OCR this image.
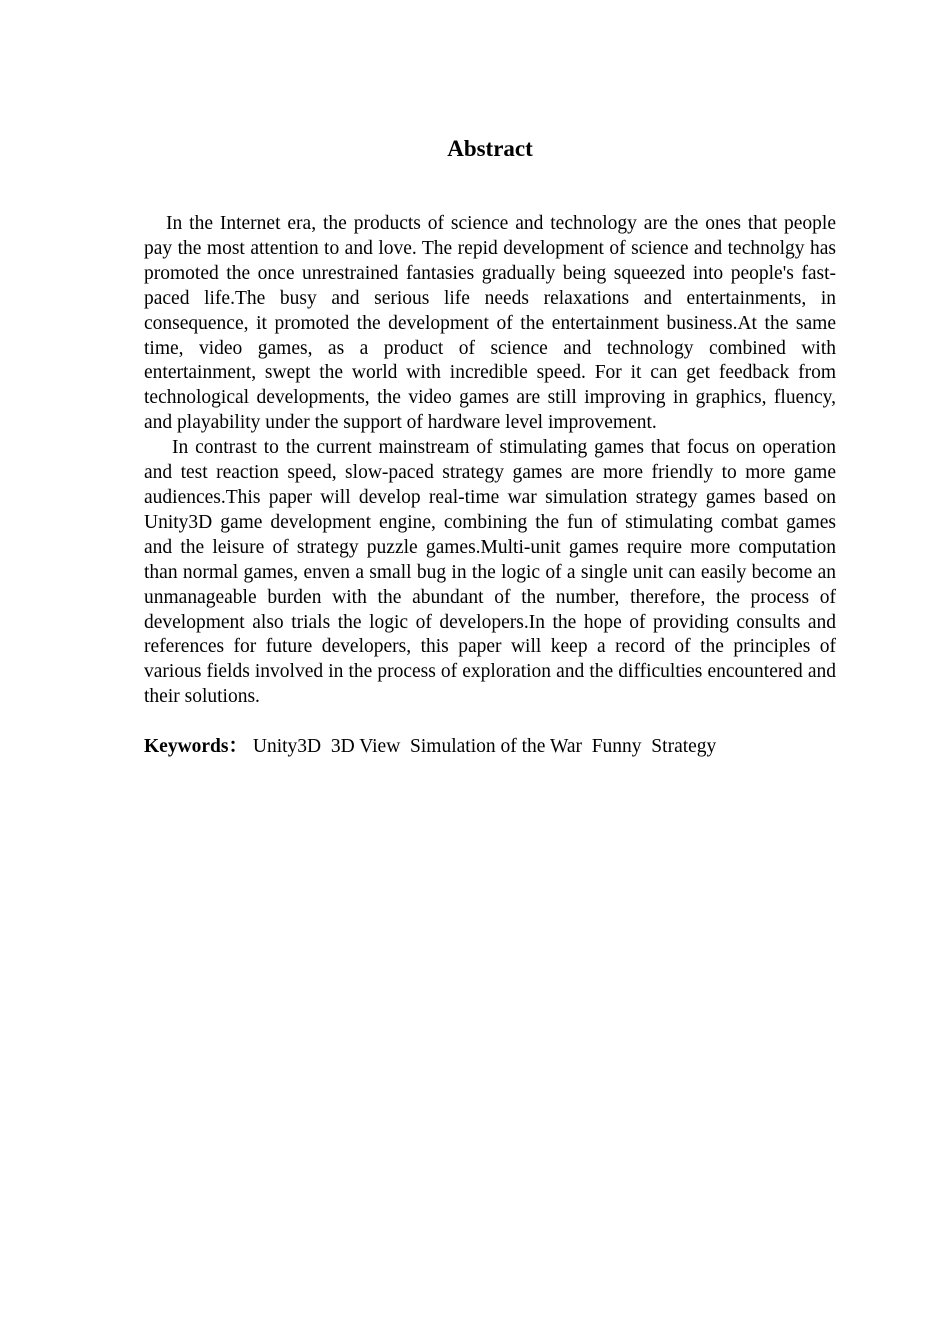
Abstract

In the Internet era, the products of science and technology are the ones that people pay the most attention to and love. The repid development of science and technolgy has promoted the once unrestrained fantasies gradually being squeezed into people's fast-paced life.The busy and serious life needs relaxations and entertainments, in consequence, it promoted the development of the entertainment business.At the same time, video games, as a product of science and technology combined with entertainment, swept the world with incredible speed. For it can get feedback from technological developments, the video games are still improving in graphics, fluency, and playability under the support of hardware level improvement.

In contrast to the current mainstream of stimulating games that focus on operation and test reaction speed, slow-paced strategy games are more friendly to more game audiences.This paper will develop real-time war simulation strategy games based on Unity3D game development engine, combining the fun of stimulating combat games and the leisure of strategy puzzle games.Multi-unit games require more computation than normal games, enven a small bug in the logic of a single unit can easily become an unmanageable burden with the abundant of the number, therefore, the process of development also trials the logic of developers.In the hope of providing consults and references for future developers, this paper will keep a record of the principles of various fields involved in the process of exploration and the difficulties encountered and their solutions.

Keywords： Unity3D  3D View  Simulation of the War  Funny  Strategy
